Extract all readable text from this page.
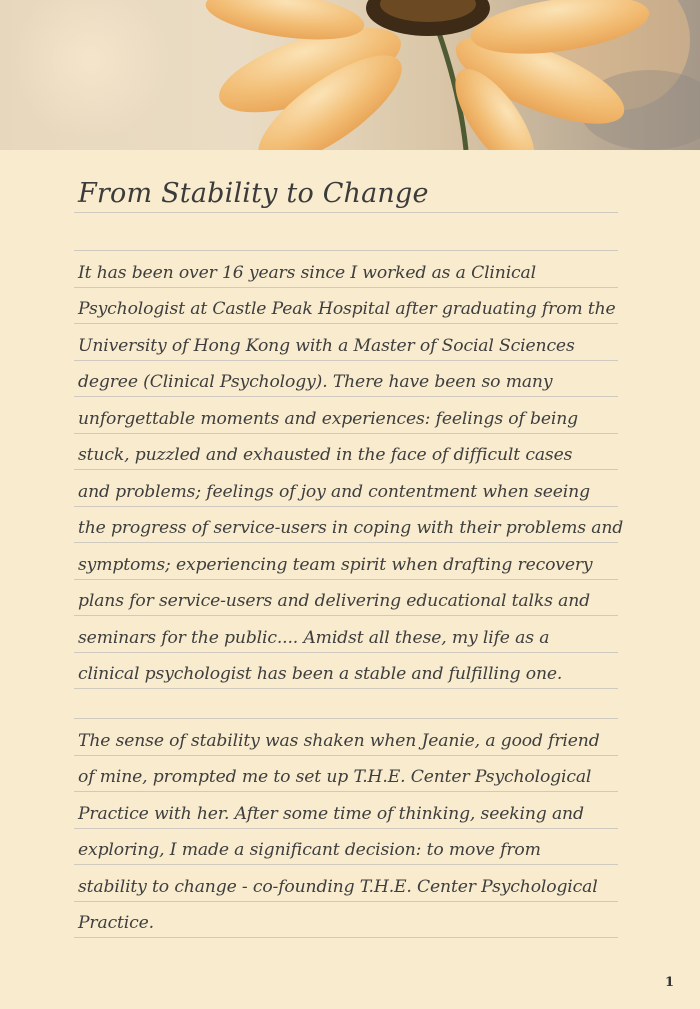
From Stability to Change
It has been over 16 years since I worked as a Clinical
Psychologist at Castle Peak Hospital after graduating from the
University of Hong Kong with a Master of Social Sciences
degree (Clinical Psychology). There have been so many
unforgettable moments and experiences: feelings of being
stuck, puzzled and exhausted in the face of difficult cases
and problems; feelings of joy and contentment when seeing
the progress of service-users in coping with their problems and
symptoms; experiencing team spirit when drafting recovery
plans for service-users and delivering educational talks and
seminars for the public.... Amidst all these, my life as a
clinical psychologist has been a stable and fulfilling one.
The sense of stability was shaken when Jeanie, a good friend
of mine, prompted me to set up T.H.E. Center Psychological
Practice with her. After some time of thinking, seeking and
exploring, I made a significant decision: to move from
stability to change - co-founding T.H.E. Center Psychological
Practice.
1
